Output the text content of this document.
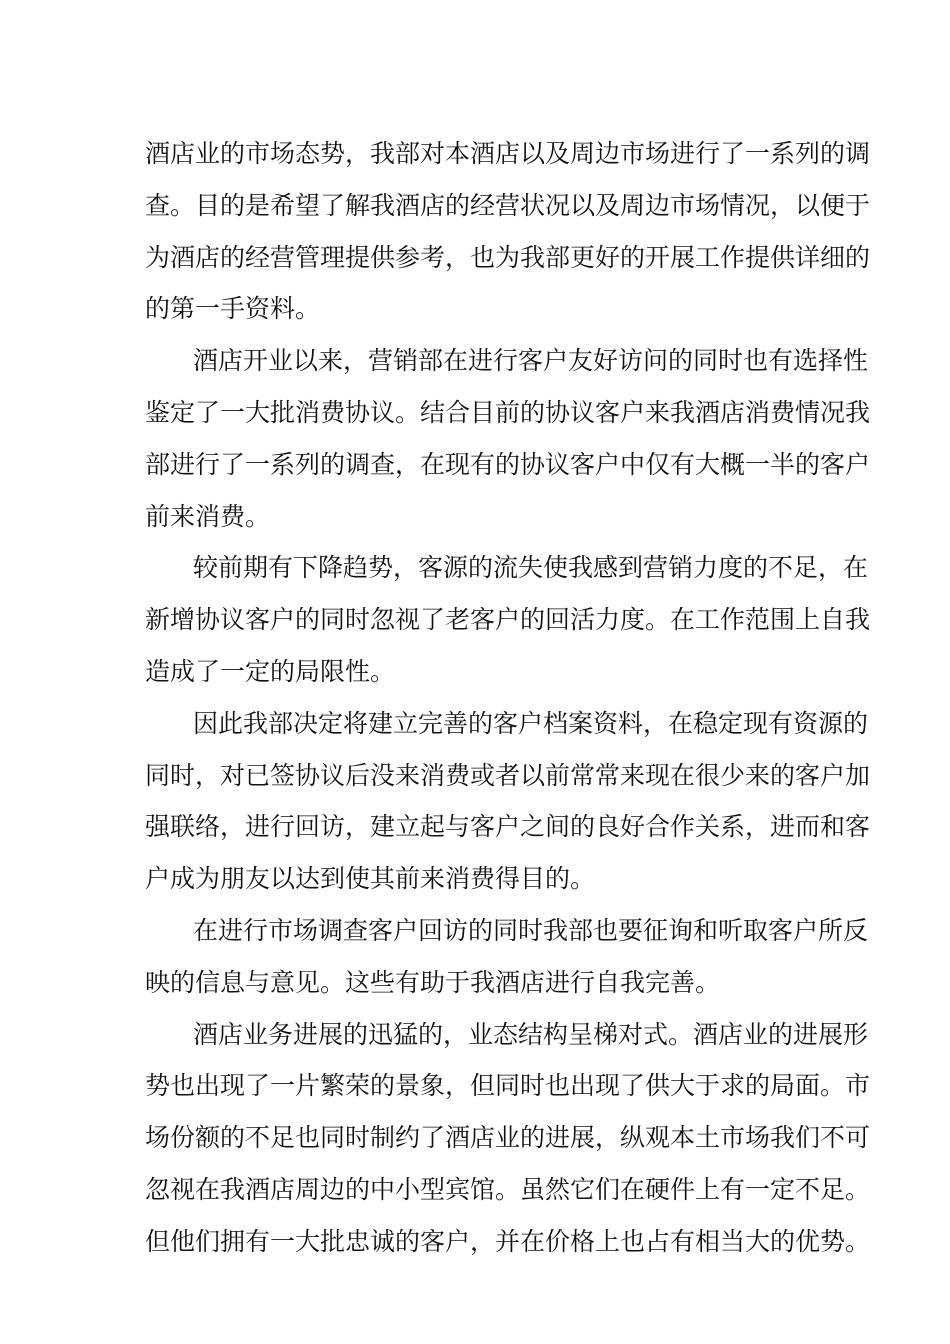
酒店业的市场态势，我部对本酒店以及周边市场进行了一系列的调
查。目的是希望了解我酒店的经营状况以及周边市场情况，以便于
为酒店的经营管理提供参考，也为我部更好的开展工作提供详细的
的第一手资料。
酒店开业以来，营销部在进行客户友好访问的同时也有选择性
鉴定了一大批消费协议。结合目前的协议客户来我酒店消费情况我
部进行了一系列的调查，在现有的协议客户中仅有大概一半的客户
前来消费。
较前期有下降趋势，客源的流失使我感到营销力度的不足，在
新增协议客户的同时忽视了老客户的回活力度。在工作范围上自我
造成了一定的局限性。
因此我部决定将建立完善的客户档案资料，在稳定现有资源的
同时，对已签协议后没来消费或者以前常常来现在很少来的客户加
强联络，进行回访，建立起与客户之间的良好合作关系，进而和客
户成为朋友以达到使其前来消费得目的。
在进行市场调查客户回访的同时我部也要征询和听取客户所反
映的信息与意见。这些有助于我酒店进行自我完善。
酒店业务进展的迅猛的，业态结构呈梯对式。酒店业的进展形
势也出现了一片繁荣的景象，但同时也出现了供大于求的局面。市
场份额的不足也同时制约了酒店业的进展，纵观本土市场我们不可
忽视在我酒店周边的中小型宾馆。虽然它们在硬件上有一定不足。
但他们拥有一大批忠诚的客户，并在价格上也占有相当大的优势。
